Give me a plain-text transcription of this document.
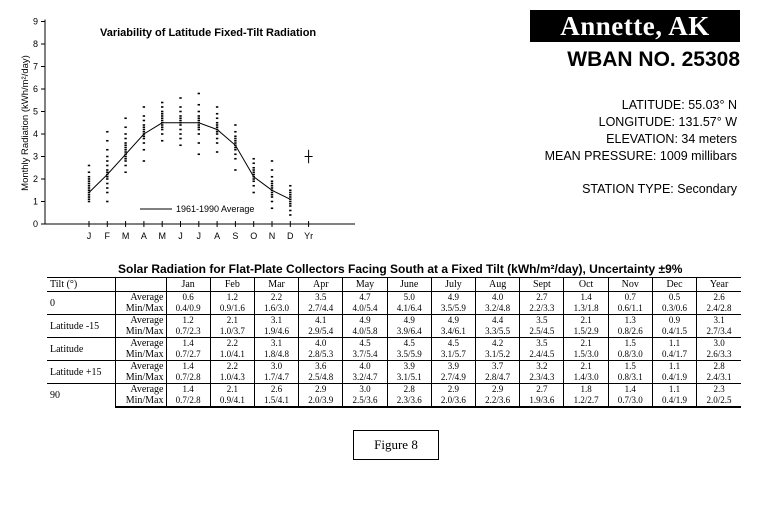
Monthly Radiation (kWh/m²/day)
Variability of Latitude Fixed-Tilt Radiation
0
1
2
3
4
5
6
7
8
9
J F M A M J J A S O N D Yr
1961-1990 Average
Annette, AK
WBAN NO. 25308
LATITUDE: 55.03° N
LONGITUDE: 131.57° W
ELEVATION: 34 meters
MEAN PRESSURE: 1009 millibars
STATION TYPE: Secondary
Solar Radiation for Flat-Plate Collectors Facing South at a Fixed Tilt (kWh/m²/day), Uncertainty ±9%
Tilt (°)		Jan	Feb	Mar	Apr	May	June	July	Aug	Sept	Oct	Nov	Dec	Year
0	Average	0.6	1.2	2.2	3.5	4.7	5.0	4.9	4.0	2.7	1.4	0.7	0.5	2.6
	Min/Max	0.4/0.9	0.9/1.6	1.6/3.0	2.7/4.4	4.0/5.4	4.1/6.4	3.5/5.9	3.2/4.8	2.2/3.3	1.3/1.8	0.6/1.1	0.3/0.6	2.4/2.8
Latitude -15	Average	1.2	2.1	3.1	4.1	4.9	4.9	4.9	4.4	3.5	2.1	1.3	0.9	3.1
	Min/Max	0.7/2.3	1.0/3.7	1.9/4.6	2.9/5.4	4.0/5.8	3.9/6.4	3.4/6.1	3.3/5.5	2.5/4.5	1.5/2.9	0.8/2.6	0.4/1.5	2.7/3.4
Latitude	Average	1.4	2.2	3.1	4.0	4.5	4.5	4.5	4.2	3.5	2.1	1.5	1.1	3.0
	Min/Max	0.7/2.7	1.0/4.1	1.8/4.8	2.8/5.3	3.7/5.4	3.5/5.9	3.1/5.7	3.1/5.2	2.4/4.5	1.5/3.0	0.8/3.0	0.4/1.7	2.6/3.3
Latitude +15	Average	1.4	2.2	3.0	3.6	4.0	3.9	3.9	3.7	3.2	2.1	1.5	1.1	2.8
	Min/Max	0.7/2.8	1.0/4.3	1.7/4.7	2.5/4.8	3.2/4.7	3.1/5.1	2.7/4.9	2.8/4.7	2.3/4.3	1.4/3.0	0.8/3.1	0.4/1.9	2.4/3.1
90	Average	1.4	2.1	2.6	2.9	3.0	2.8	2.9	2.9	2.7	1.8	1.4	1.1	2.3
	Min/Max	0.7/2.8	0.9/4.1	1.5/4.1	2.0/3.9	2.5/3.6	2.3/3.6	2.0/3.6	2.2/3.6	1.9/3.6	1.2/2.7	0.7/3.0	0.4/1.9	2.0/2.5
Figure 8
